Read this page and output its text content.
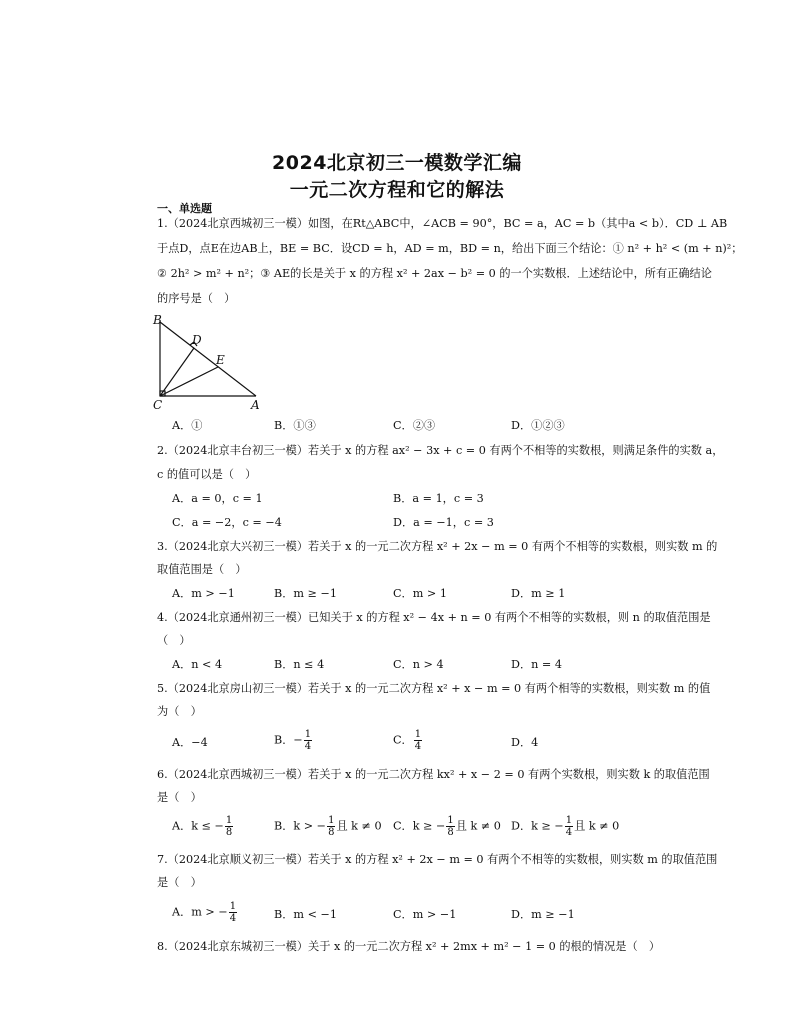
2024北京初三一模数学汇编
一元二次方程和它的解法
一、单选题
1.（2024北京西城初三一模）如图，在Rt△ABC中，∠ACB = 90°，BC = a，AC = b（其中a < b）．CD ⊥ AB
于点D，点E在边AB上，BE = BC．设CD = h，AD = m，BD = n，给出下面三个结论：① n² + h² < (m + n)²；
② 2h² > m² + n²；③ AE的长是关于 x 的方程 x² + 2ax − b² = 0 的一个实数根．上述结论中，所有正确结论
的序号是（　）
B
D
E
C	A
A．①	B．①③	C．②③	D．①②③
2.（2024北京丰台初三一模）若关于 x 的方程 ax² − 3x + c = 0 有两个不相等的实数根，则满足条件的实数 a，
c 的值可以是（　）
A．a = 0，c = 1	B．a = 1，c = 3
C．a = −2，c = −4	D．a = −1，c = 3
3.（2024北京大兴初三一模）若关于 x 的一元二次方程 x² + 2x − m = 0 有两个不相等的实数根，则实数 m 的
取值范围是（　）
A．m > −1	B．m ≥ −1	C．m > 1	D．m ≥ 1
4.（2024北京通州初三一模）已知关于 x 的方程 x² − 4x + n = 0 有两个不相等的实数根，则 n 的取值范围是
（　）
A．n < 4	B．n ≤ 4	C．n > 4	D．n = 4
5.（2024北京房山初三一模）若关于 x 的一元二次方程 x² + x − m = 0 有两个相等的实数根，则实数 m 的值
为（　）
A．−4	B．− $\frac{1}{4}$	C． $\frac{1}{4}$	D．4
6.（2024北京西城初三一模）若关于 x 的一元二次方程 kx² + x − 2 = 0 有两个实数根，则实数 k 的取值范围
是（　）
A．k ≤ − $\frac{1}{8}$	B．k > − $\frac{1}{8}$ 且 k ≠ 0 C．k ≥ − $\frac{1}{8}$ 且 k ≠ 0 D．k ≥ − $\frac{1}{4}$ 且 k ≠ 0
7.（2024北京顺义初三一模）若关于 x 的方程 x² + 2x − m = 0 有两个不相等的实数根，则实数 m 的取值范围
是（　）
A．m > − $\frac{1}{4}$	B．m < −1	C．m > −1	D．m ≥ −1
8.（2024北京东城初三一模）关于 x 的一元二次方程 x² + 2mx + m² − 1 = 0 的根的情况是（　）
